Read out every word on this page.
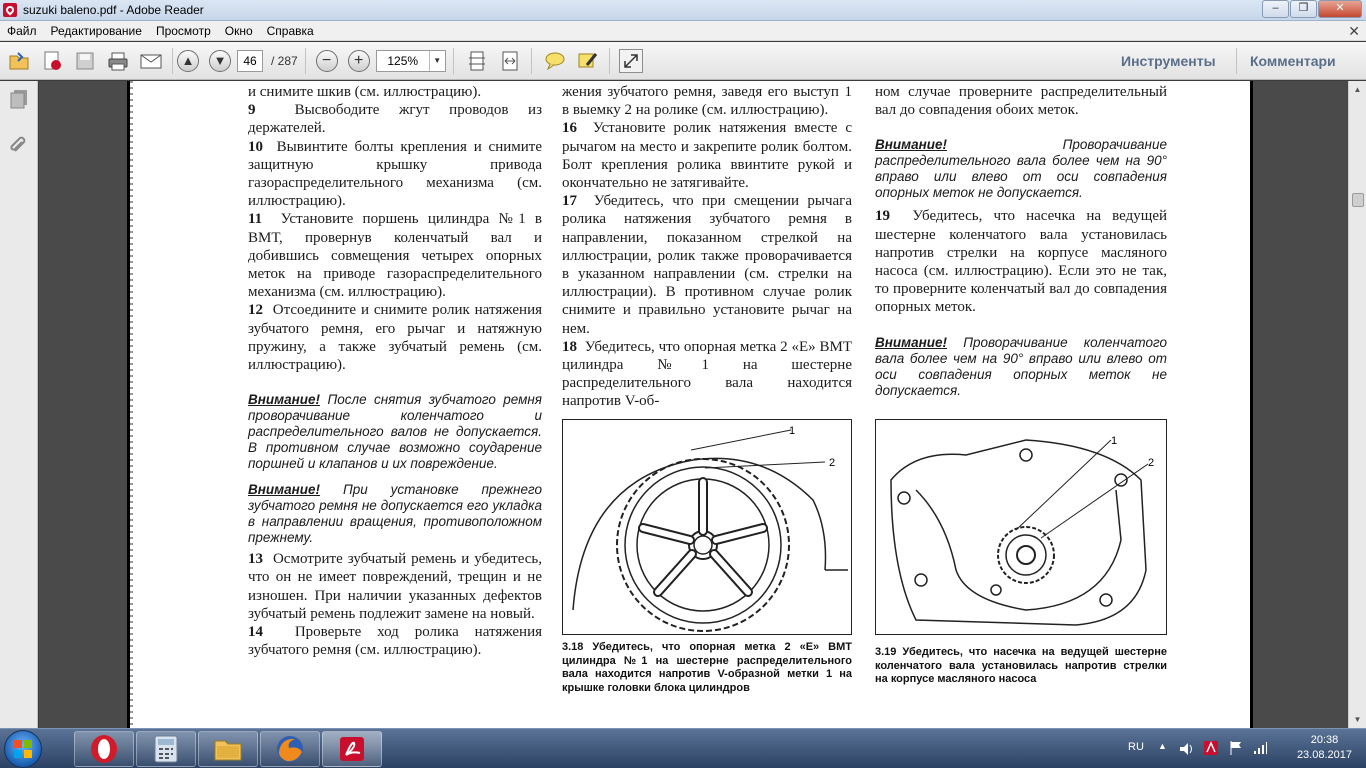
suzuki baleno.pdf - Adobe Reader	–	❐	✕
Файл	Редактирование	Просмотр	Окно	Справка	✕
▲ ▼	46	/ 287 − +	125%	▼	Инструменты Комментари

и снимите шкив (см. иллюстрацию).

9	Высвободите жгут проводов из держателей.

10 Вывинтите болты крепления и снимите защитную крышку привода газораспределительного механизма (см. иллюстрацию).

11 Установите поршень цилиндра №1 в ВМТ, провернув коленчатый вал и добившись совмещения четырех опорных меток на приводе газораспределительного механизма (см. иллюстрацию).

12 Отсоедините и снимите ролик натяжения зубчатого ремня, его рычаг и натяжную пружину, а также зубчатый ремень (см. иллюстрацию).

Внимание! После снятия зубчатого ремня проворачивание коленчатого и распределительного валов не допускается. В противном случае возможно соударение поршней и клапанов и их повреждение.

Внимание! При установке прежнего зубчатого ремня не допускается его укладка в направлении вращения, противоположном прежнему.

13 Осмотрите зубчатый ремень и убедитесь, что он не имеет повреждений, трещин и не изношен. При наличии указанных дефектов зубчатый ремень подлежит замене на новый.

14 Проверьте ход ролика натяжения зубчатого ремня (см. иллюстрацию).

жения зубчатого ремня, заведя его выступ 1 в выемку 2 на ролике (см. иллюстрацию).

16 Установите ролик натяжения вместе с рычагом на место и закрепите ролик болтом. Болт крепления ролика ввинтите рукой и окончательно не затягивайте.

17 Убедитесь, что при смещении рычага ролика натяжения зубчатого ремня в направлении, показанном стрелкой на иллюстрации, ролик также проворачивается в указанном направлении (см. стрелки на иллюстрации). В противном случае ролик снимите и правильно установите рычаг на нем.

18 Убедитесь, что опорная метка 2 «Е» ВМТ цилиндра №1 на шестерне распределительного вала находится напротив V-об-

1
2
3.18 Убедитесь, что опорная метка 2 «Е» ВМТ цилиндра №1 на шестерне распределительного вала находится напротив V-образной метки 1 на крышке головки блока цилиндров

ном случае проверните распределительный вал до совпадения обоих меток.

Внимание!	Проворачивание распределительного вала более чем на 90° вправо или влево от оси совпадения опорных меток не допускается.

19 Убедитесь, что насечка на ведущей шестерне коленчатого вала установилась напротив стрелки на корпусе масляного насоса (см. иллюстрацию). Если это не так, то проверните коленчатый вал до совпадения опорных меток.

Внимание! Проворачивание коленчатого вала более чем на 90° вправо или влево от оси совпадения опорных меток не допускается.

1
2
3.19 Убедитесь, что насечка на ведущей шестерне коленчатого вала установилась напротив стрелки на корпусе масляного насоса
▲
▼
RU ▲	20:38
23.08.2017
